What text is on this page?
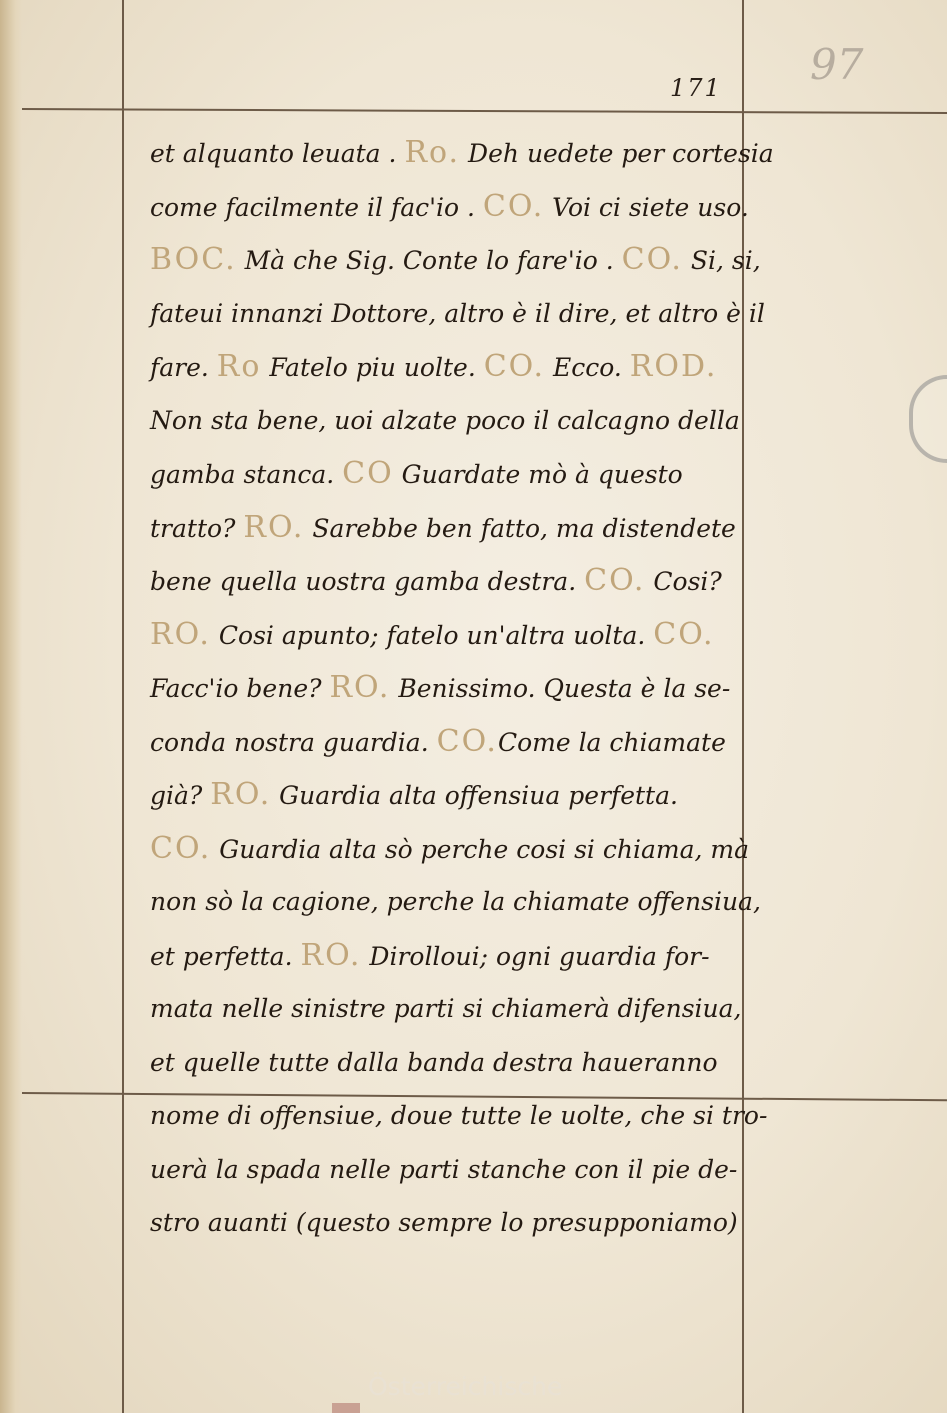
171 97
et alquanto leuata . Ro. Deh uedete per cortesia
come facilmente il fac'io . CO. Voi ci siete uso.
BOC. Mà che Sig. Conte lo fare'io . CO. Si, si,
fateui innanzi Dottore, altro è il dire, et altro è il
fare. Ro Fatelo piu uolte. CO. Ecco. ROD.
Non sta bene, uoi alzate poco il calcagno della
gamba stanca. CO Guardate mò à questo
tratto? RO. Sarebbe ben fatto, ma distendete
bene quella uostra gamba destra. CO. Cosi?
RO. Cosi apunto; fatelo un'altra uolta. CO.
Facc'io bene? RO. Benissimo. Questa è la se-
conda nostra guardia. CO.Come la chiamate
già? RO. Guardia alta offensiua perfetta.
CO. Guardia alta sò perche cosi si chiama, mà
non sò la cagione, perche la chiamate offensiua,
et perfetta. RO. Dirolloui; ogni guardia for-
mata nelle sinistre parti si chiamerà difensiua,
et quelle tutte dalla banda destra haueranno
nome di offensiue, doue tutte le uolte, che si tro-
uerà la spada nelle parti stanche con il pie de-
stro auanti (questo sempre lo presupponiamo)
Österreichische
